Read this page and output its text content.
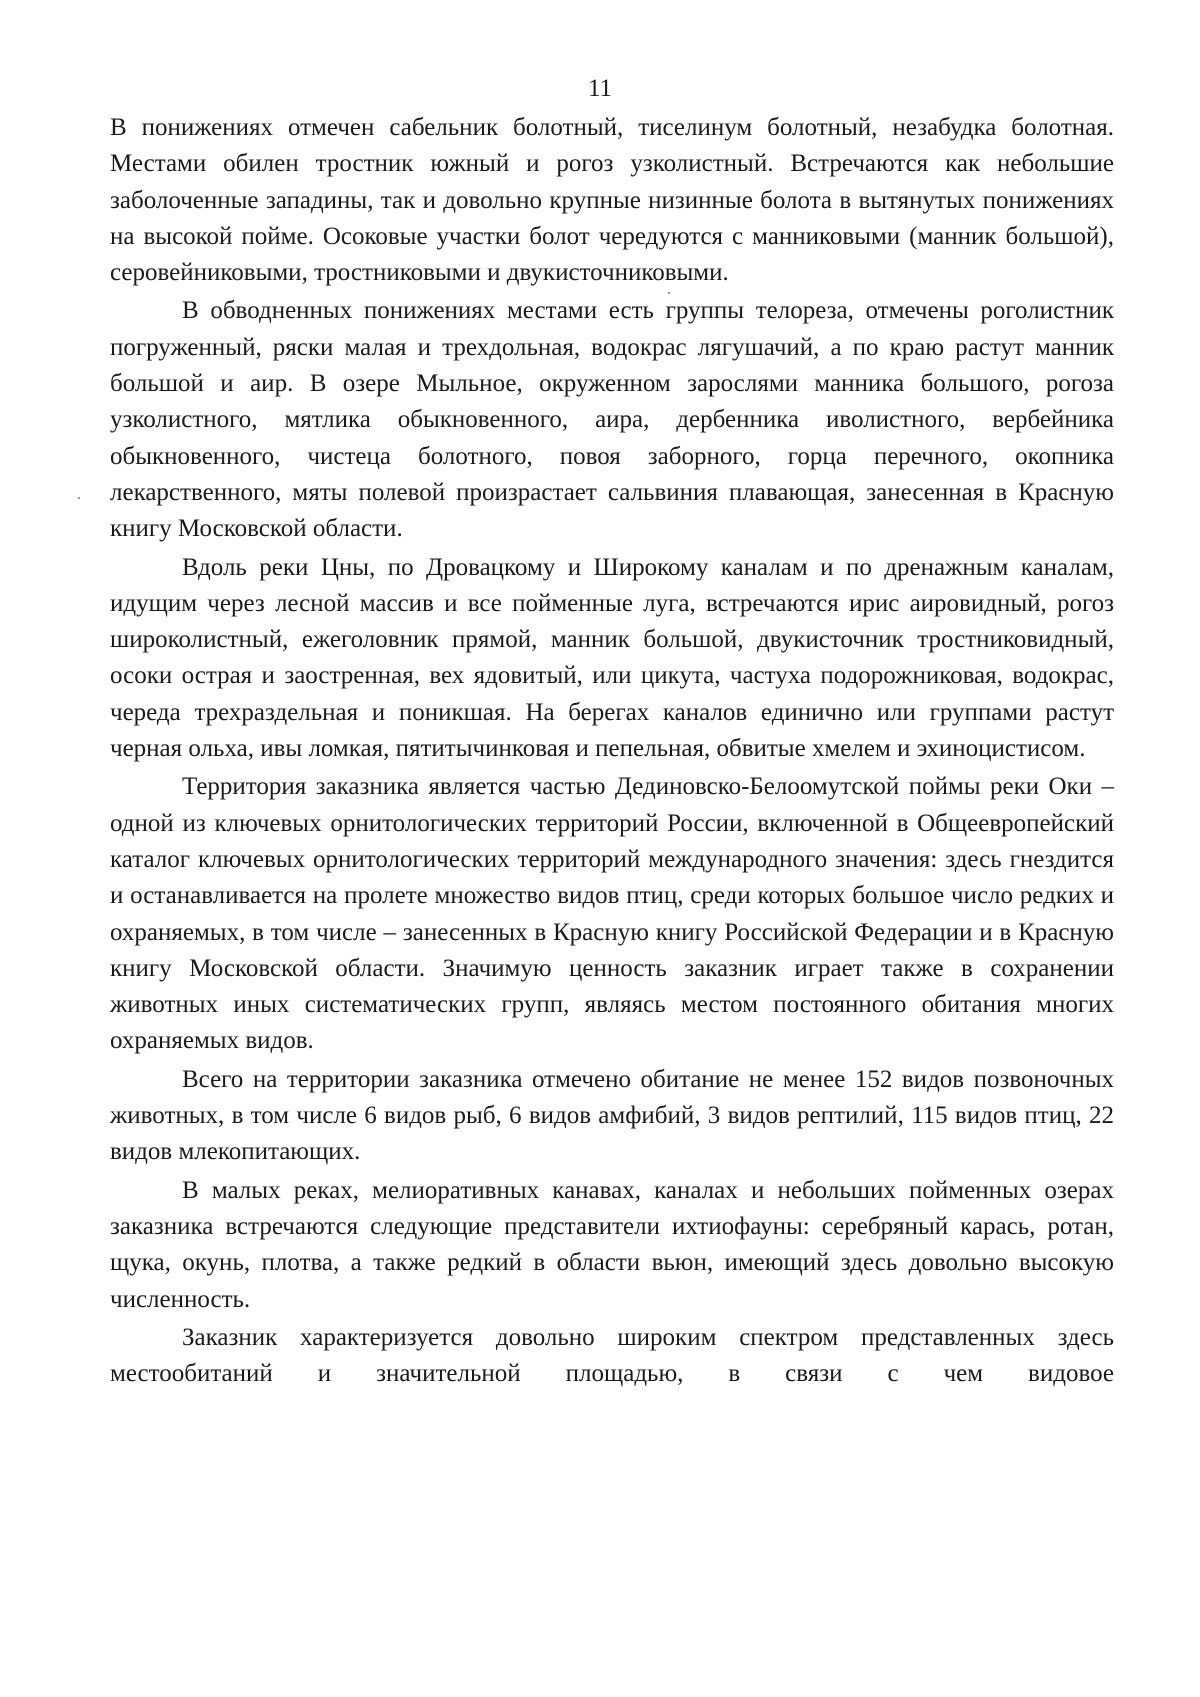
11

В понижениях отмечен сабельник болотный, тиселинум болотный, незабудка болотная. Местами обилен тростник южный и рогоз узколистный. Встречаются как небольшие заболоченные западины, так и довольно крупные низинные болота в вытянутых понижениях на высокой пойме. Осоковые участки болот чередуются с манниковыми (манник большой), серовейниковыми, тростниковыми и двукисточниковыми.

В обводненных понижениях местами есть группы телореза, отмечены роголистник погруженный, ряски малая и трехдольная, водокрас лягушачий, а по краю растут манник большой и аир. В озере Мыльное, окруженном зарослями манника большого, рогоза узколистного, мятлика обыкновенного, аира, дербенника иволистного, вербейника обыкновенного, чистеца болотного, повоя заборного, горца перечного, окопника лекарственного, мяты полевой произрастает сальвиния плавающая, занесенная в Красную книгу Московской области.

Вдоль реки Цны, по Дровацкому и Широкому каналам и по дренажным каналам, идущим через лесной массив и все пойменные луга, встречаются ирис аировидный, рогоз широколистный, ежеголовник прямой, манник большой, двукисточник тростниковидный, осоки острая и заостренная, вех ядовитый, или цикута, частуха подорожниковая, водокрас, череда трехраздельная и поникшая. На берегах каналов единично или группами растут черная ольха, ивы ломкая, пятитычинковая и пепельная, обвитые хмелем и эхиноцистисом.

Территория заказника является частью Дединовско-Белоомутской поймы реки Оки – одной из ключевых орнитологических территорий России, включенной в Общеевропейский каталог ключевых орнитологических территорий международного значения: здесь гнездится и останавливается на пролете множество видов птиц, среди которых большое число редких и охраняемых, в том числе – занесенных в Красную книгу Российской Федерации и в Красную книгу Московской области. Значимую ценность заказник играет также в сохранении животных иных систематических групп, являясь местом постоянного обитания многих охраняемых видов.

Всего на территории заказника отмечено обитание не менее 152 видов позвоночных животных, в том числе 6 видов рыб, 6 видов амфибий, 3 видов рептилий, 115 видов птиц, 22 видов млекопитающих.

В малых реках, мелиоративных канавах, каналах и небольших пойменных озерах заказника встречаются следующие представители ихтиофауны: серебряный карась, ротан, щука, окунь, плотва, а также редкий в области вьюн, имеющий здесь довольно высокую численность.

Заказник характеризуется довольно широким спектром представленных здесь местообитаний и значительной площадью, в связи с чем видовое
